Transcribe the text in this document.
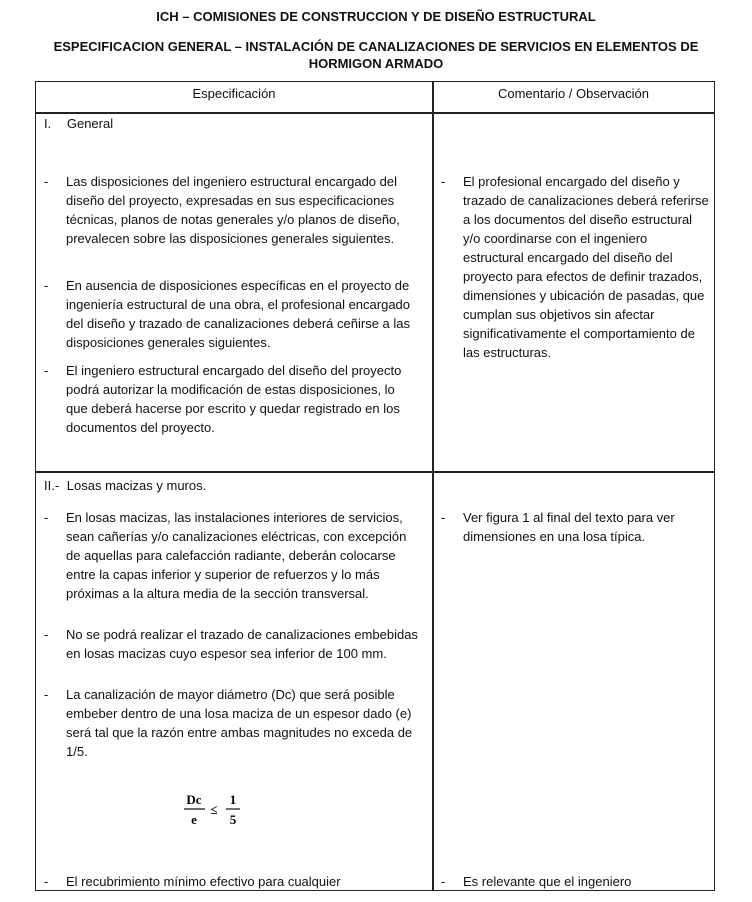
ICH – COMISIONES DE CONSTRUCCION Y DE DISEÑO ESTRUCTURAL
ESPECIFICACION GENERAL – INSTALACIÓN DE CANALIZACIONES DE SERVICIOS EN ELEMENTOS DE HORMIGON ARMADO
Especificación	Comentario / Observación
I. General
- Las disposiciones del ingeniero estructural encargado del diseño del proyecto, expresadas en sus especificaciones técnicas, planos de notas generales y/o planos de diseño, prevalecen sobre las disposiciones generales siguientes.
- En ausencia de disposiciones específicas en el proyecto de ingeniería estructural de una obra, el profesional encargado del diseño y trazado de canalizaciones deberá ceñirse a las disposiciones generales siguientes.
- El ingeniero estructural encargado del diseño del proyecto podrá autorizar la modificación de estas disposiciones, lo que deberá hacerse por escrito y quedar registrado en los documentos del proyecto.
- El profesional encargado del diseño y trazado de canalizaciones deberá referirse a los documentos del diseño estructural y/o coordinarse con el ingeniero estructural encargado del diseño del proyecto para efectos de definir trazados, dimensiones y ubicación de pasadas, que cumplan sus objetivos sin afectar significativamente el comportamiento de las estructuras.
II.- Losas macizas y muros.
- En losas macizas, las instalaciones interiores de servicios, sean cañerías y/o canalizaciones eléctricas, con excepción de aquellas para calefacción radiante, deberán colocarse entre la capas inferior y superior de refuerzos y lo más próximas a la altura media de la sección transversal.
- No se podrá realizar el trazado de canalizaciones embebidas en losas macizas cuyo espesor sea inferior de 100 mm.
- La canalización de mayor diámetro (Dc) que será posible embeber dentro de una losa maciza de un espesor dado (e) será tal que la razón entre ambas magnitudes no exceda de 1/5.
Dc
e
≤
1
5
- El recubrimiento mínimo efectivo para cualquier
- Ver figura 1 al final del texto para ver dimensiones en una losa típica.
- Es relevante que el ingeniero
